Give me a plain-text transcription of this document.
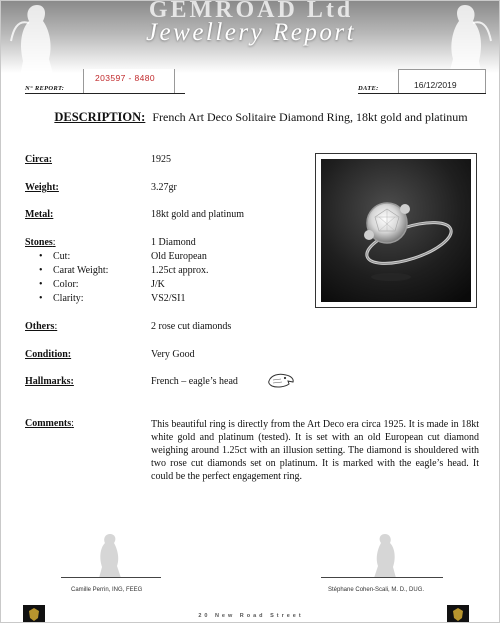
GEMROAD Ltd
Jewellery Report
N° REPORT:
203597 - 8480
DATE:	16/12/2019
DESCRIPTION: French Art Deco Solitaire Diamond Ring, 18kt gold and platinum
Circa:	1925
Weight:	3.27gr
Metal:	18kt gold and platinum
Stones:	1 Diamond
• Cut:	Old European
• Carat Weight:	1.25ct approx.
• Color:	J/K
• Clarity:	VS2/SI1
Others:	2 rose cut diamonds
Condition:	Very Good
Hallmarks:	French – eagle’s head
Comments:	This beautiful ring is directly from the Art Deco era circa 1925. It is made in 18kt white gold and platinum (tested). It is set with an old European cut diamond weighing around 1.25ct with an illusion setting. The diamond is shouldered with two rose cut diamonds set on platinum. It is marked with the eagle’s head. It could be the perfect engagement ring.
Camille Perrin, ING, FEEG	Stéphane Cohen-Scali, M. D., DUG.
20 New Road Street
